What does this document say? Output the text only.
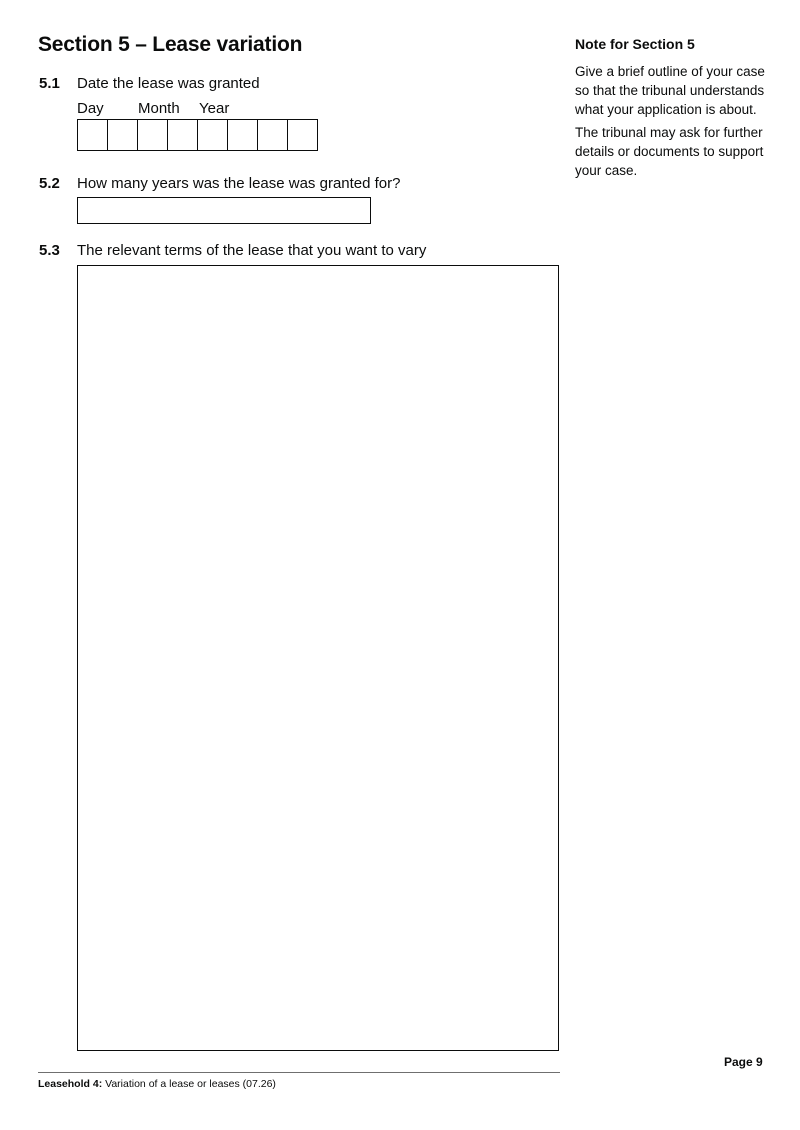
Section 5 – Lease variation
5.1 Date the lease was granted
Day Month Year
5.2 How many years was the lease was granted for?
5.3 The relevant terms of the lease that you want to vary
Note for Section 5

Give a brief outline of your case so that the tribunal understands what your application is about.

The tribunal may ask for further details or documents to support your case.

Page 9
Leasehold 4: Variation of a lease or leases (07.26)
